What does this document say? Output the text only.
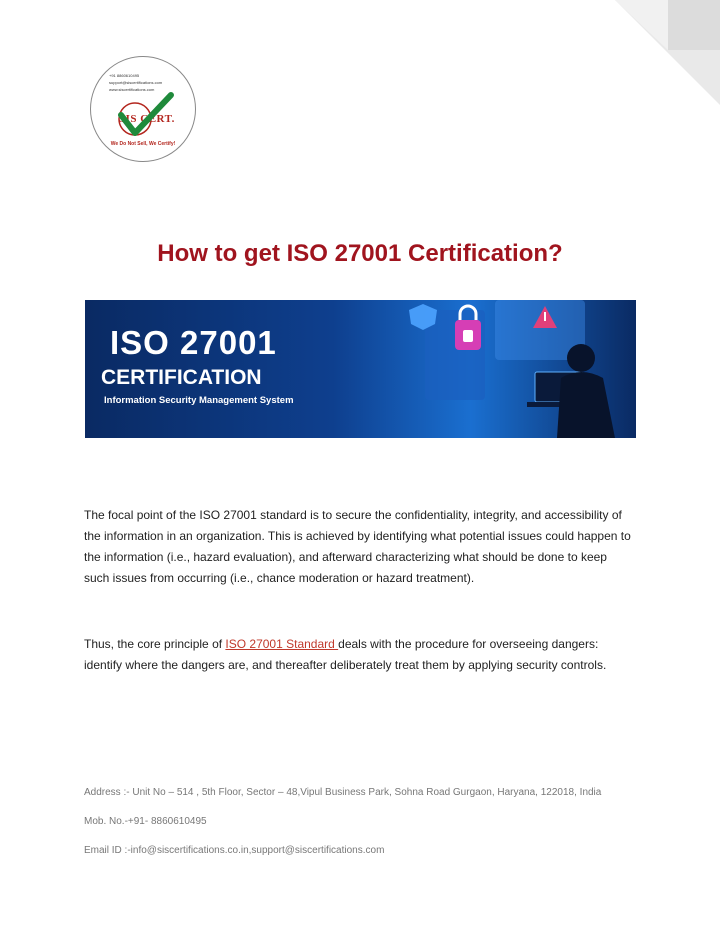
+91 8860610495
support@siscertifications.com
www.siscertifications.com
SIS CERT.
We Do Not Sell, We Certify!
How to get ISO 27001 Certification?
ISO 27001
CERTIFICATION
Information Security Management System

The focal point of the ISO 27001 standard is to secure the confidentiality, integrity, and accessibility of the information in an organization. This is achieved by identifying what potential issues could happen to the information (i.e., hazard evaluation), and afterward characterizing what should be done to keep such issues from occurring (i.e., chance moderation or hazard treatment).

Thus, the core principle of ISO 27001 Standard deals with the procedure for overseeing dangers: identify where the dangers are, and thereafter deliberately treat them by applying security controls.

Address :- Unit No – 514 , 5th Floor, Sector – 48,Vipul Business Park, Sohna Road Gurgaon, Haryana, 122018, India

Mob. No.-+91- 8860610495

Email ID :-info@siscertifications.co.in,support@siscertifications.com
